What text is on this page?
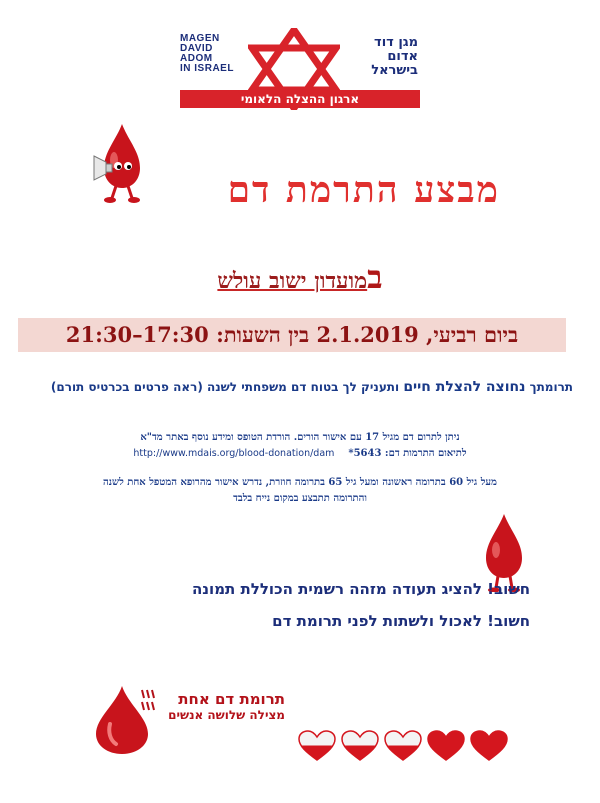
MAGEN
DAVID
ADOM
IN ISRAEL
מגן דוד
אדום
בישראל
ארגון ההצלה הלאומי
מבצע התרמת דם
במועדון ישוב עולש
ביום רביעי, 2.1.2019 בין השעות: 17:30–21:30
תרומתך נחוצה להצלת חיים ותעניק לך בטוח דם משפחתי לשנה (ראה פרטים בכרטיס תורם)
ניתן לתרום דם מגיל 17 עם אישור הורים. הורדת הטופס ומידע נוסף באתר מד"א
http://www.mdais.org/blood-donation/dam לתיאום התרמות דם: 5643*
מעל גיל 60 בתרומה ראשונה ומעל גיל 65 בתרומה חוזרת, נדרש אישור מהרופא המטפל אחת לשנה
והתרומה תתבצע במקום נייח בלבד
חשוב! להציג תעודה מזהה רשמית הכוללת תמונה
חשוב! לאכול ולשתות לפני תרומת דם
תרומת דם אחת
מצילה שלושה אנשים
